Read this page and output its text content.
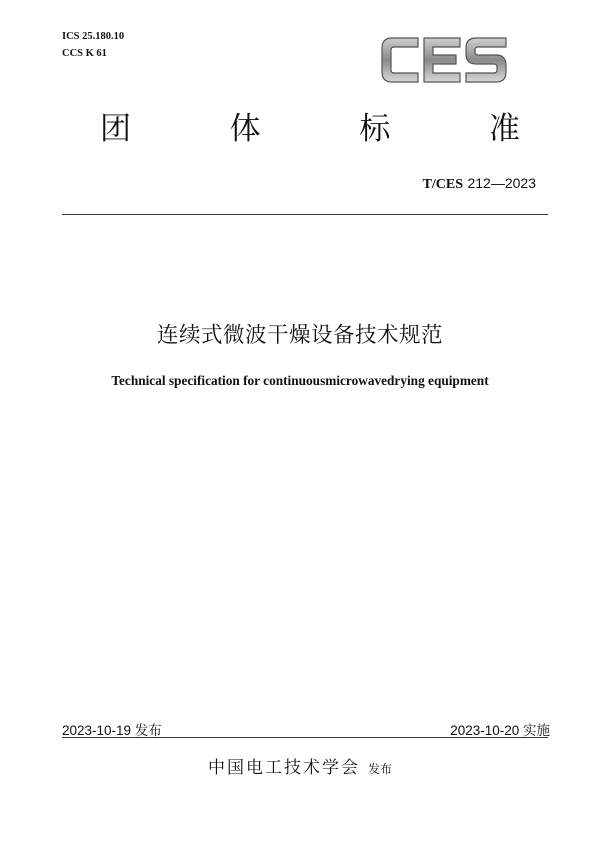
ICS 25.180.10
CCS K 61
团	体	标	准
T/CES 212—2023
连续式微波干燥设备技术规范
Technical specification for continuousmicrowavedrying equipment
2023-10-19 发布	2023-10-20 实施
中国电工技术学会 发布
